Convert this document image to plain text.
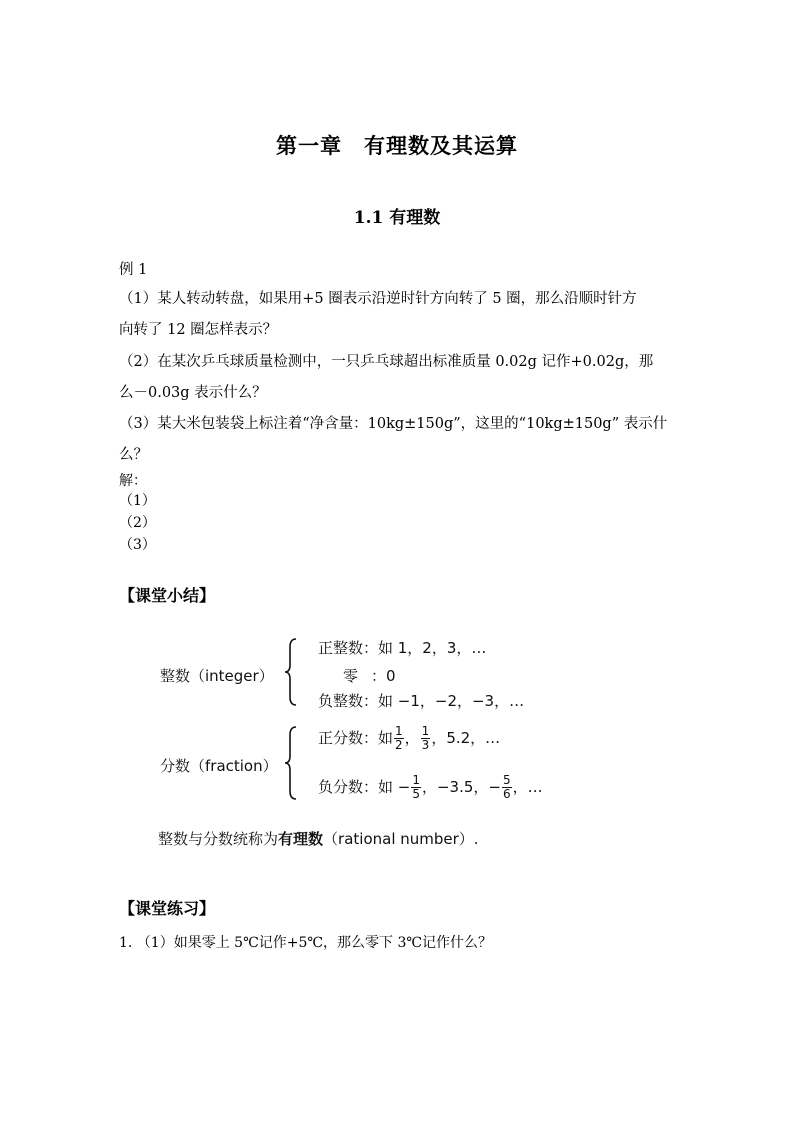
第一章　有理数及其运算
1.1 有理数
例 1
（1）某人转动转盘，如果用+5 圈表示沿逆时针方向转了 5 圈，那么沿顺时针方
向转了 12 圈怎样表示？
（2）在某次乒乓球质量检测中，一只乒乓球超出标准质量 0.02g 记作+0.02g，那
么－0.03g 表示什么？
（3）某大米包装袋上标注着“净含量：10kg±150g”，这里的“10kg±150g” 表示什
么？
解：
（1）
（2）
（3）
【课堂小结】
整数（integer）
正整数：如 1，2，3，…
零 ：0
负整数：如 −1，−2，−3，…
分数（fraction）
正分数：如 $\frac{1}{2}$ ， $\frac{1}{3}$ ，5.2，…
负分数：如 − $\frac{1}{5}$ ，−3.5，− $\frac{5}{6}$ ，…
整数与分数统称为有理数（rational number）.
【课堂练习】
1. （1）如果零上 5℃记作+5℃，那么零下 3℃记作什么？
